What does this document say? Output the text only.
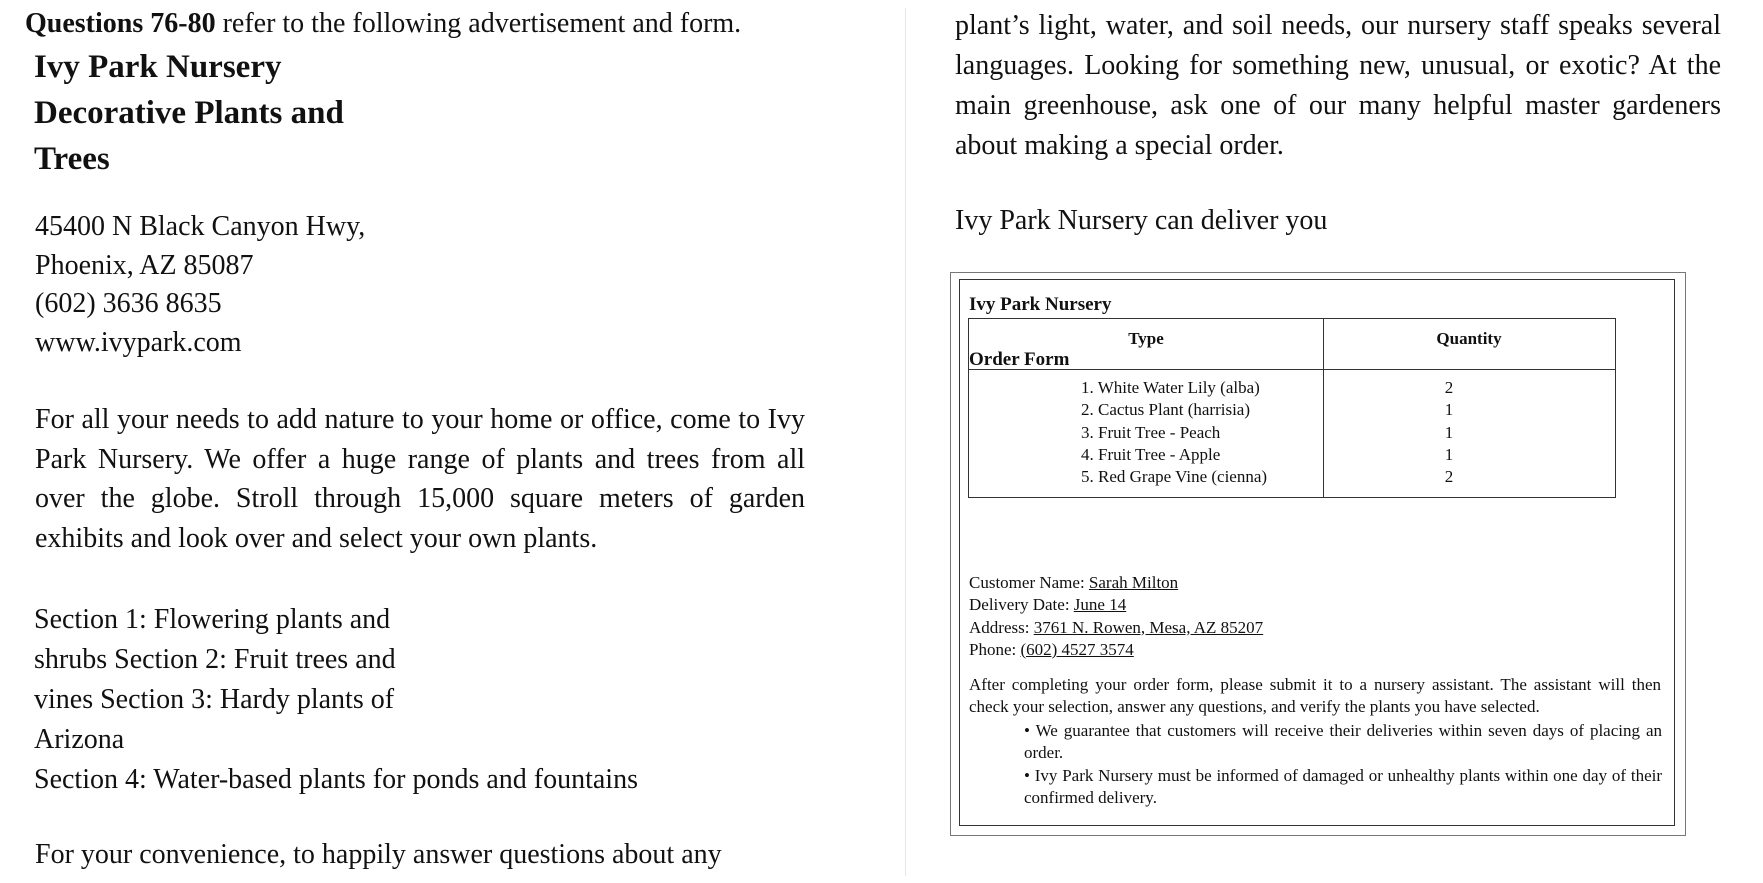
Questions 76-80 refer to the following advertisement and form.
Ivy Park Nursery
Decorative Plants and
Trees
45400 N Black Canyon Hwy,
Phoenix, AZ 85087
(602) 3636 8635
www.ivypark.com
For all your needs to add nature to your home or office, come to Ivy Park Nursery. We offer a huge range of plants and trees from all over the globe. Stroll through 15,000 square meters of garden exhibits and look over and select your own plants.
Section 1: Flowering plants and
shrubs Section 2: Fruit trees and
vines Section 3: Hardy plants of
Arizona
Section 4: Water-based plants for ponds and fountains
For your convenience, to happily answer questions about any
plant’s light, water, and soil needs, our nursery staff speaks several languages. Looking for something new, unusual, or exotic? At the main greenhouse, ask one of our many helpful master gardeners about making a special order.
Ivy Park Nursery can deliver you
Ivy Park Nursery
Type	Quantity
1. White Water Lily (alba)
2. Cactus Plant (harrisia)
3. Fruit Tree - Peach
4. Fruit Tree - Apple
5. Red Grape Vine (cienna)
2
1
1
1
2
Order Form
Customer Name: Sarah Milton
Delivery Date: June 14
Address: 3761 N. Rowen, Mesa, AZ 85207
Phone: (602) 4527 3574
After completing your order form, please submit it to a nursery assistant. The assistant will then check your selection, answer any questions, and verify the plants you have selected.
• We guarantee that customers will receive their deliveries within seven days of placing an order.
• Ivy Park Nursery must be informed of damaged or unhealthy plants within one day of their confirmed delivery.
